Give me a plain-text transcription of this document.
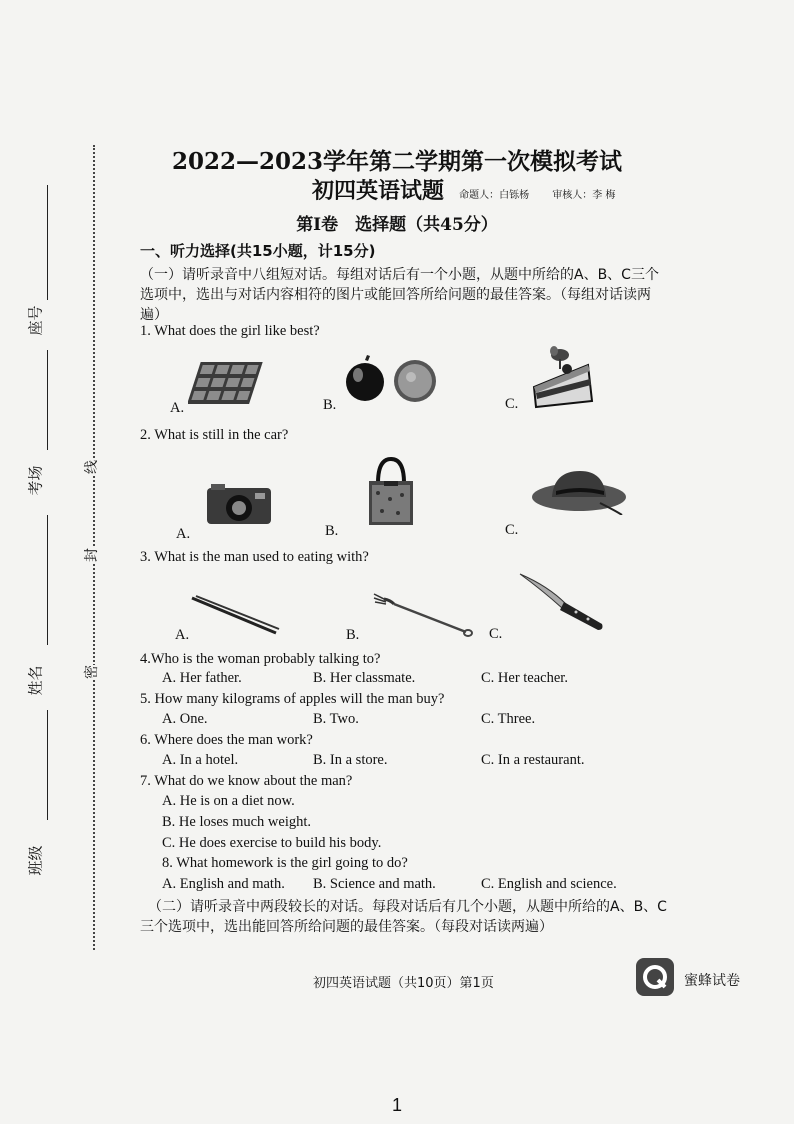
座号
考场
姓名
班级
线
封
密
2022—2023学年第二学期第一次模拟考试
初四英语试题 命题人：白铄杨 审核人：李 梅
第Ⅰ卷　选择题（共45分）
一、听力选择(共15小题，计15分)
（一）请听录音中八组短对话。每组对话后有一个小题，从题中所给的A、B、C三个
选项中，选出与对话内容相符的图片或能回答所给问题的最佳答案。（每组对话读两
遍）
1. What does the girl like best?
A.	B.	C.
2. What is still in the car?
A.	B.	C.
3. What is the man used to eating with?
A.	B.	C.
4.Who is the woman probably talking to?
A. Her father.	B. Her classmate.	C. Her teacher.
5. How many kilograms of apples will the man buy?
A. One.	B. Two.	C. Three.
6. Where does the man work?
A. In a hotel.	B. In a store.	C. In a restaurant.
7. What do we know about the man?
A. He is on a diet now.
B. He loses much weight.
C. He does exercise to build his body.
8. What homework is the girl going to do?
A. English and math. B. Science and math.	C. English and science.
（二）请听录音中两段较长的对话。每段对话后有几个小题，从题中所给的A、B、C
三个选项中，选出能回答所给问题的最佳答案。（每段对话读两遍）
初四英语试题（共10页）第1页	蜜蜂试卷
1
